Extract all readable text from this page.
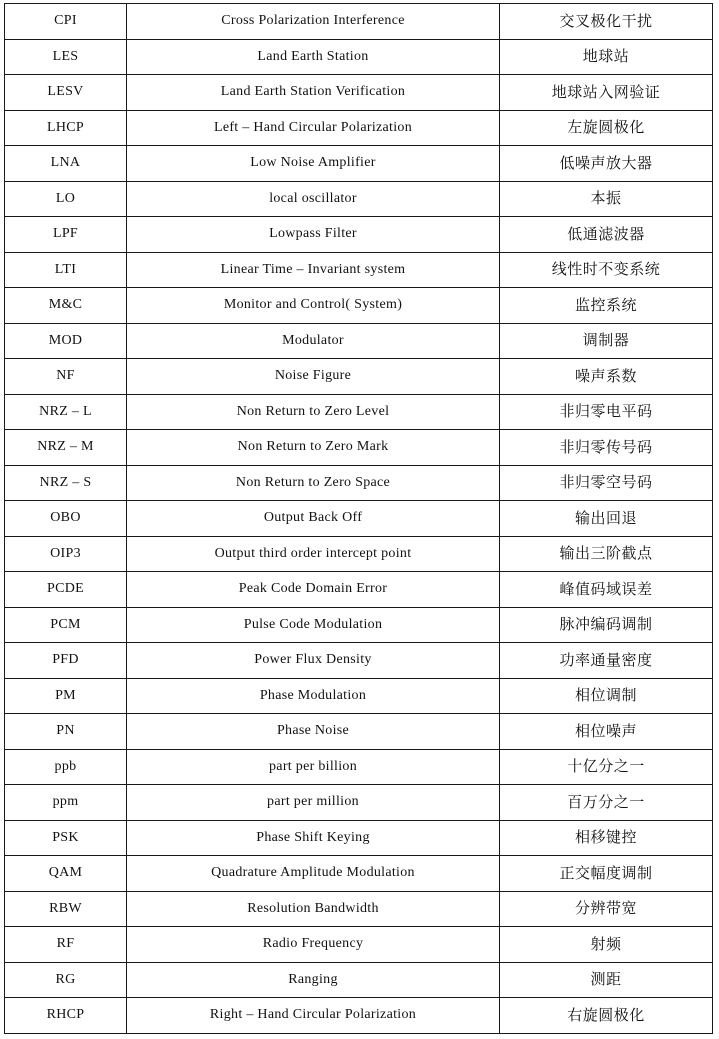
CPI	Cross Polarization Interference	交叉极化干扰
LES	Land Earth Station	地球站
LESV	Land Earth Station Verification	地球站入网验证
LHCP	Left – Hand Circular Polarization	左旋圆极化
LNA	Low Noise Amplifier	低噪声放大器
LO	local oscillator	本振
LPF	Lowpass Filter	低通滤波器
LTI	Linear Time – Invariant system	线性时不变系统
M&C	Monitor and Control( System)	监控系统
MOD	Modulator	调制器
NF	Noise Figure	噪声系数
NRZ – L	Non Return to Zero Level	非归零电平码
NRZ – M	Non Return to Zero Mark	非归零传号码
NRZ – S	Non Return to Zero Space	非归零空号码
OBO	Output Back Off	输出回退
OIP3	Output third order intercept point	输出三阶截点
PCDE	Peak Code Domain Error	峰值码域误差
PCM	Pulse Code Modulation	脉冲编码调制
PFD	Power Flux Density	功率通量密度
PM	Phase Modulation	相位调制
PN	Phase Noise	相位噪声
ppb	part per billion	十亿分之一
ppm	part per million	百万分之一
PSK	Phase Shift Keying	相移键控
QAM	Quadrature Amplitude Modulation	正交幅度调制
RBW	Resolution Bandwidth	分辨带宽
RF	Radio Frequency	射频
RG	Ranging	测距
RHCP	Right – Hand Circular Polarization	右旋圆极化
